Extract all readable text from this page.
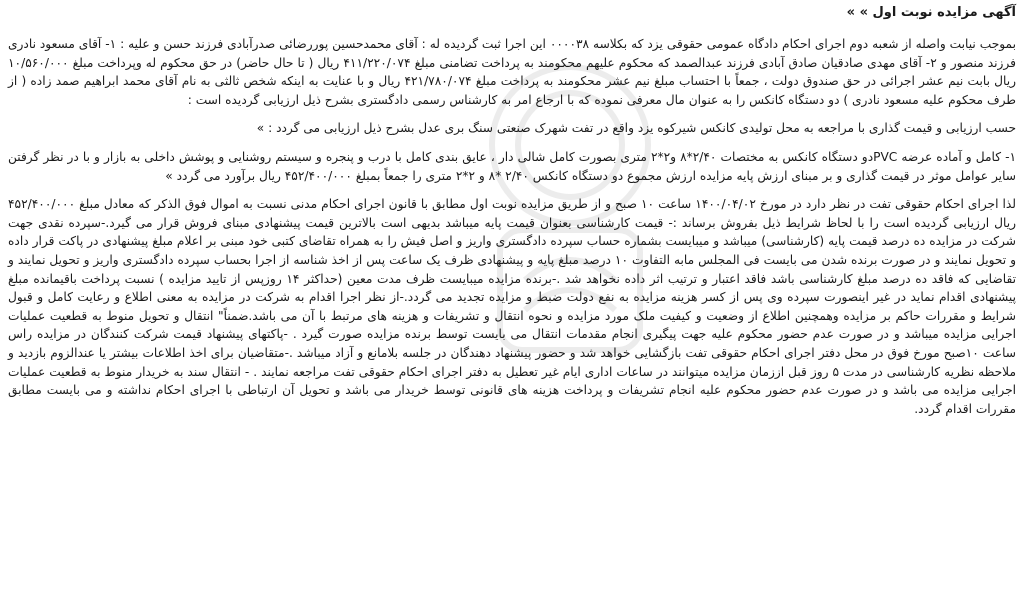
آگهی مزایده نوبت اول » »

بموجب نیابت واصله از شعبه دوم اجرای احکام دادگاه عمومی حقوقی یزد که بکلاسه ۰۰۰۰۳۸ این اجرا ثبت گردیده له : آقای محمدحسین پوررضائی صدرآبادی فرزند حسن و علیه : ۱- آقای مسعود نادری فرزند منصور و ۲- آقای مهدی صادقیان صادق آبادی فرزند عبدالصمد که محکوم علیهم محکومند به پرداخت تضامنی مبلغ ۴۱۱/۲۲۰/۰۷۴ ریال ( تا حال حاضر) در حق محکوم له وپرداخت مبلغ ۱۰/۵۶۰/۰۰۰ ریال بابت نیم عشر اجرائی در حق صندوق دولت ، جمعاً با احتساب مبلغ نیم عشر محکومند به پرداخت مبلغ ۴۲۱/۷۸۰/۰۷۴ ریال و با عنایت به اینکه شخص ثالثی به نام آقای محمد ابراهیم صمد زاده ( از طرف محکوم علیه مسعود نادری ) دو دستگاه کانکس را به عنوان مال معرفی نموده که با ارجاع امر به کارشناس رسمی دادگستری بشرح ذیل ارزیابی گردیده است :

حسب ارزیابی و قیمت گذاری با مراجعه به محل تولیدی کانکس شیرکوه یزد واقع در تفت شهرک صنعتی سنگ بری عدل بشرح ذیل ارزیابی می گردد : »

۱- کامل و آماده عرضه PVCدو دستگاه کانکس به مختصات ۲/۴۰*۸ و۲*۲ متری بصورت کامل شالی دار ، عایق بندی کامل با درب و پنجره و سیستم روشنایی و پوشش داخلی به بازار و با در نظر گرفتن سایر عوامل موثر در قیمت گذاری و بر مبنای ارزش پایه مزایده ارزش مجموع دو دستگاه کانکس ۲/۴۰ *۸ و ۲*۲ متری را جمعاً بمبلغ ۴۵۲/۴۰۰/۰۰۰ ریال برآورد می گردد »

لذا اجرای احکام حقوقی تفت در نظر دارد در مورخ ۱۴۰۰/۰۴/۰۲ ساعت ۱۰ صبح و از طریق مزایده نوبت اول مطابق با قانون اجرای احکام مدنی نسبت به اموال فوق الذکر که معادل مبلغ ۴۵۲/۴۰۰/۰۰۰ ریال ارزیابی گردیده است را با لحاظ شرایط ذیل بفروش برساند :- قیمت کارشناسی بعنوان قیمت پایه میباشد بدیهی است بالاترین قیمت پیشنهادی مبنای فروش قرار می گیرد.-سپرده نقدی جهت شرکت در مزایده ده درصد قیمت پایه (کارشناسی) میباشد و میبایست بشماره حساب سپرده دادگستری واریز و اصل فیش را به همراه تقاضای کتبی خود مبنی بر اعلام مبلغ پیشنهادی در پاکت قرار داده و تحویل نمایند و در صورت برنده شدن می بایست فی المجلس مابه التفاوت ۱۰ درصد مبلغ پایه و پیشنهادی ظرف یک ساعت پس از اخذ شناسه از اجرا بحساب سپرده دادگستری واریز و تحویل نمایند و تقاضایی که فاقد ده درصد مبلغ کارشناسی باشد فاقد اعتبار و ترتیب اثر داده نخواهد شد .-برنده مزایده میبایست ظرف مدت معین (حداکثر ۱۴ روزپس از تایید مزایده ) نسبت پرداخت باقیمانده مبلغ پیشنهادی اقدام نماید در غیر اینصورت سپرده وی پس از کسر هزینه مزایده به نفع دولت ضبط و مزایده تجدید می گردد.-از نظر اجرا اقدام به شرکت در مزایده به معنی اطلاع و رعایت کامل و قبول شرایط و مقررات حاکم بر مزایده وهمچنین اطلاع از وضعیت و کیفیت ملک مورد مزایده و نحوه انتقال و تشریفات و هزینه های مرتبط با آن می باشد.ضمناً" انتقال و تحویل منوط به قطعیت عملیات اجرایی مزایده میباشد و در صورت عدم حضور محکوم علیه جهت پیگیری انجام مقدمات انتقال می بایست توسط برنده مزایده صورت گیرد . -پاکتهای پیشنهاد قیمت شرکت کنندگان در مزایده راس ساعت ۱۰صبح مورخ فوق در محل دفتر اجرای احکام حقوقی تفت بازگشایی خواهد شد و حضور پیشنهاد دهندگان در جلسه بلامانع و آزاد میباشد .-متقاضیان برای اخذ اطلاعات بیشتر یا عندالزوم بازدید و ملاحظه نظریه کارشناسی در مدت ۵ روز قبل اززمان مزایده میتوانند در ساعات اداری ایام غیر تعطیل به دفتر اجرای احکام حقوقی تفت مراجعه نمایند . - انتقال سند به خریدار منوط به قطعیت عملیات اجرایی مزایده می باشد و در صورت عدم حضور محکوم علیه انجام تشریفات و پرداخت هزینه های قانونی توسط خریدار می باشد و تحویل آن ارتباطی با اجرای احکام نداشته و می بایست مطابق مقررات اقدام گردد.
